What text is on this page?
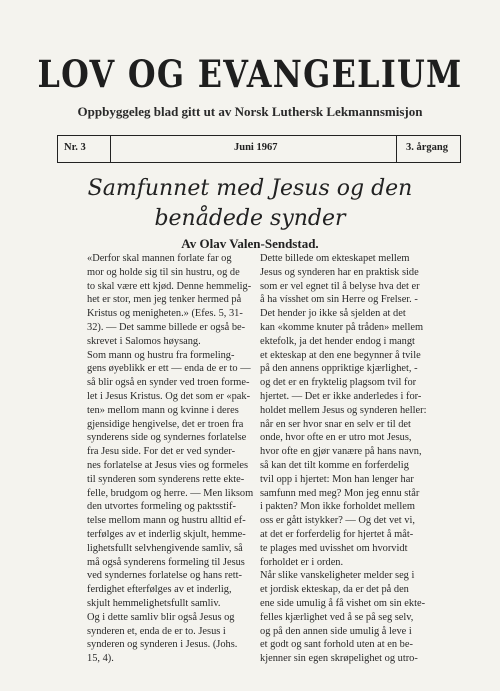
LOV OG EVANGELIUM
Oppbyggeleg blad gitt ut av Norsk Luthersk Lekmannsmisjon
Nr. 3	Juni 1967	3. årgang
Samfunnet med Jesus og den
benådede synder
Av Olav Valen-Sendstad.
«Derfor skal mannen forlate far og
mor og holde sig til sin hustru, og de
to skal være ett kjød. Denne hemmelig-
het er stor, men jeg tenker hermed på
Kristus og menigheten.» (Efes. 5, 31-
32). — Det samme billede er også be-
skrevet i Salomos høysang.
Som mann og hustru fra formeling-
gens øyeblikk er ett — enda de er to —
så blir også en synder ved troen forme-
let i Jesus Kristus. Og det som er «pak-
ten» mellom mann og kvinne i deres
gjensidige hengivelse, det er troen fra
synderens side og syndernes forlatelse
fra Jesu side. For det er ved synder-
nes forlatelse at Jesus vies og formeles
til synderen som synderens rette ekte-
felle, brudgom og herre. — Men liksom
den utvortes formeling og paktsstif-
telse mellom mann og hustru alltid ef-
terfølges av et inderlig skjult, hemme-
lighetsfullt selvhengivende samliv, så
må også synderens formeling til Jesus
ved syndernes forlatelse og hans rett-
ferdighet efterfølges av et inderlig,
skjult hemmelighetsfullt samliv.
Og i dette samliv blir også Jesus og
synderen et, enda de er to. Jesus i
synderen og synderen i Jesus. (Johs.
15, 4).
Dette billede om ekteskapet mellem
Jesus og synderen har en praktisk side
som er vel egnet til å belyse hva det er
å ha vísshet om sin Herre og Frelser. -
Det hender jo ikke så sjelden at det
kan «komme knuter på tråden» mellem
ektefolk, ja det hender endog i mangt
et ekteskap at den ene begynner å tvile
på den annens oppriktige kjærlighet, -
og det er en fryktelig plagsom tvil for
hjertet. — Det er ikke anderledes i for-
holdet mellem Jesus og synderen heller:
når en ser hvor snar en selv er til det
onde, hvor ofte en er utro mot Jesus,
hvor ofte en gjør vanære på hans navn,
så kan det tilt komme en forferdelig
tvil opp i hjertet: Mon han lenger har
samfunn med meg? Mon jeg ennu står
i pakten? Mon ikke forholdet mellem
oss er gått istykker? — Og det vet vi,
at det er forferdelig for hjertet å måt-
te plages med uvisshet om hvorvidt
forholdet er i orden.
Når slike vanskeligheter melder seg i
et jordisk ekteskap, da er det på den
ene side umulig å få vishet om sin ekte-
felles kjærlighet ved å se på seg selv,
og på den annen side umulig å leve i
et godt og sant forhold uten at en be-
kjenner sin egen skrøpelighet og utro-
